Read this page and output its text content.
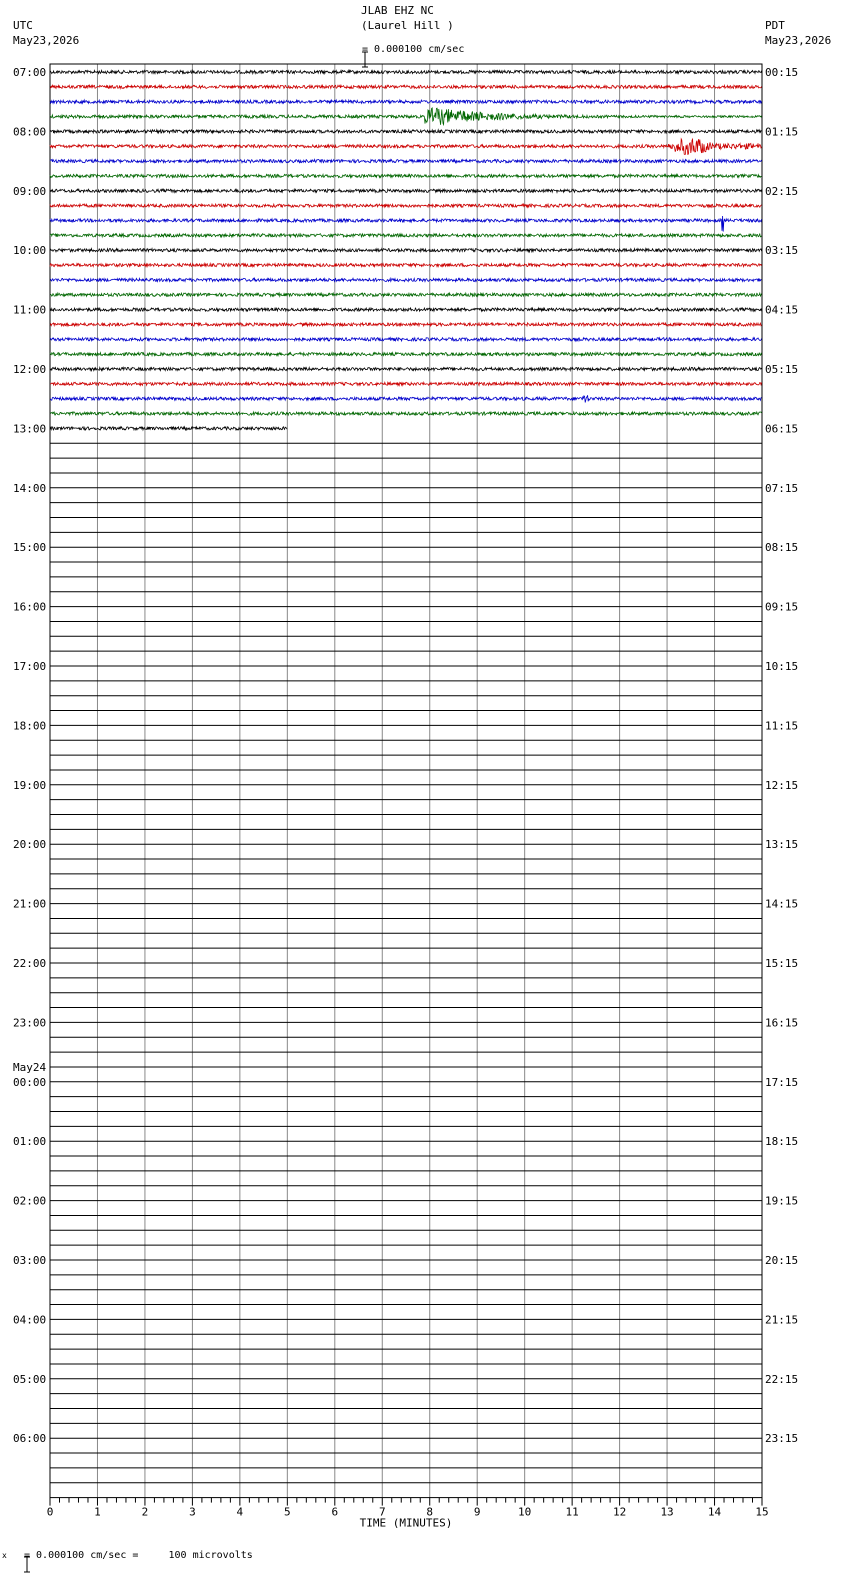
JLAB EHZ NC
(Laurel Hill )
UTC
May23,2026
PDT
May23,2026

= 0.000100 cm/sec
07:00
08:00
09:00
10:00
11:00
12:00
13:00
14:00
15:00
16:00
17:00
18:00
19:00
20:00
21:00
22:00
23:00
00:00
May24
01:00
02:00
03:00
04:00
05:00
06:00
00:15
01:15
02:15
03:15
04:15
05:15
06:15
07:15
08:15
09:15
10:15
11:15
12:15
13:15
14:15
15:15
16:15
17:15
18:15
19:15
20:15
21:15
22:15
23:15
0	1	2	3	4	5	6	7	8	9	10	11	12	13	14	15
TIME (MINUTES)
x

= 0.000100 cm/sec =     100 microvolts
